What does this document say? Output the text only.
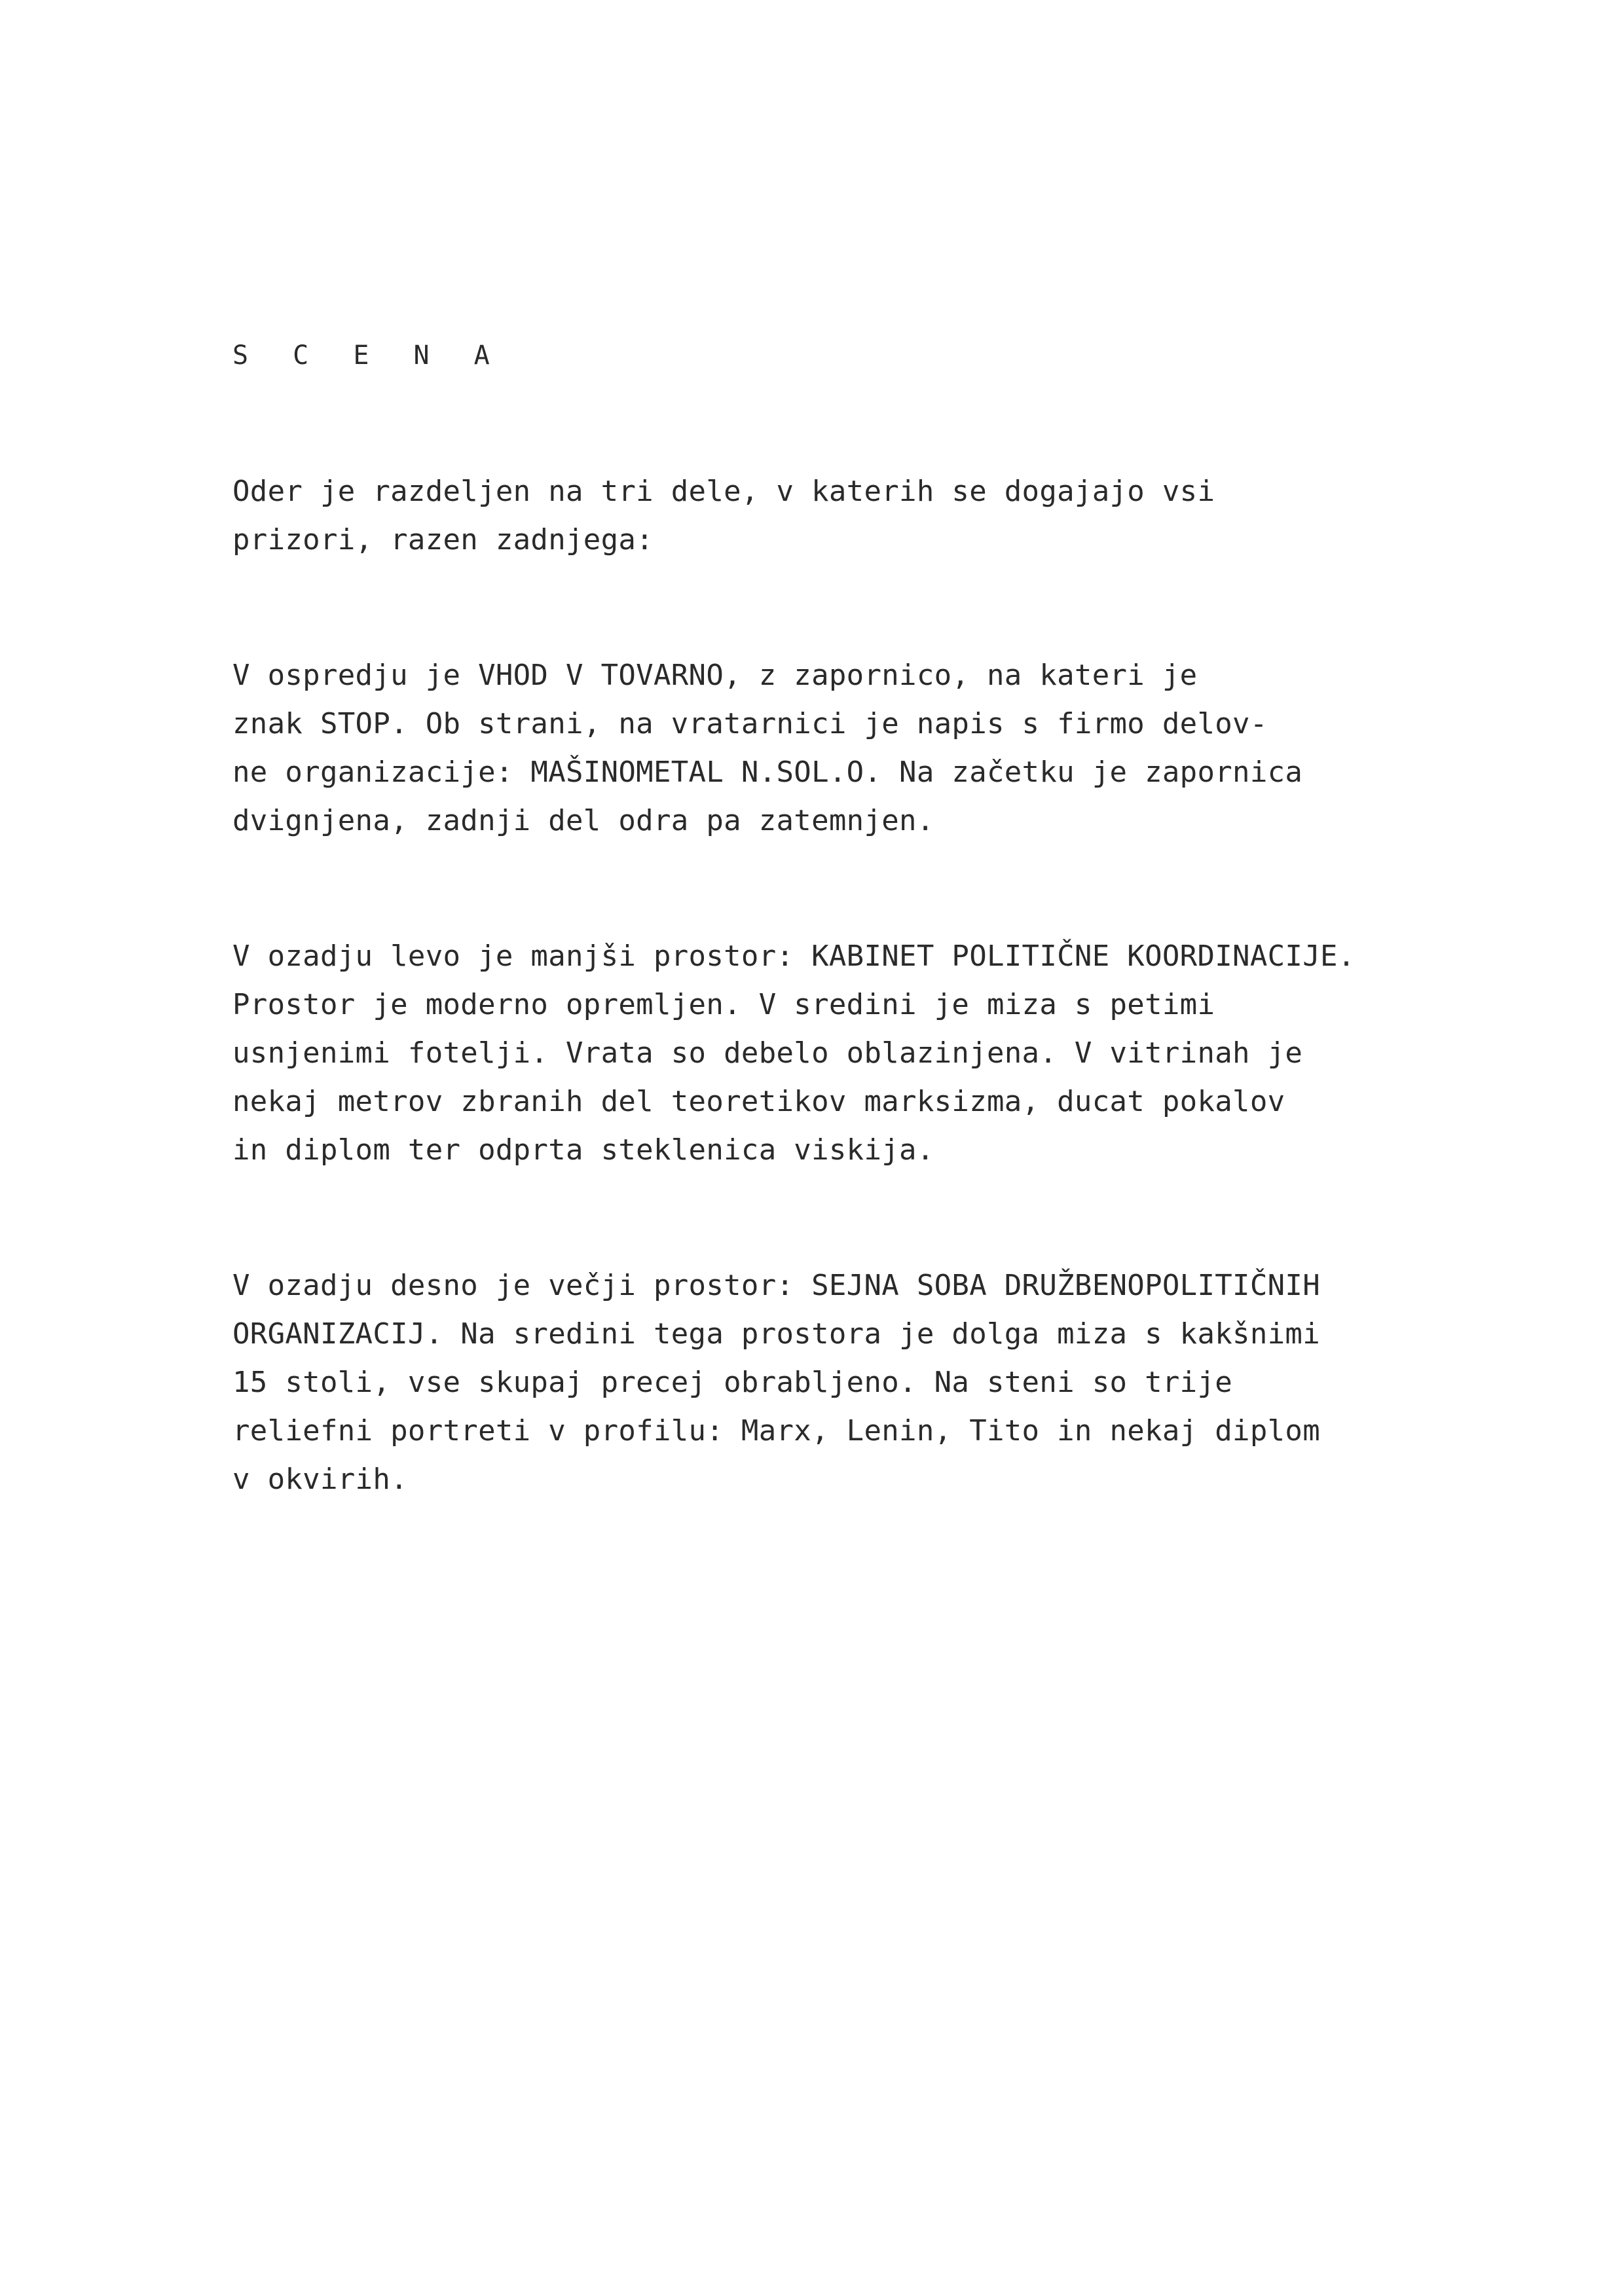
S C E N A
Oder je razdeljen na tri dele, v katerih se dogajajo vsi
prizori, razen zadnjega:
V ospredju je VHOD V TOVARNO, z zapornico, na kateri je
znak STOP. Ob strani, na vratarnici je napis s firmo delov-
ne organizacije: MAŠINOMETAL N.SOL.O. Na začetku je zapornica
dvignjena, zadnji del odra pa zatemnjen.
V ozadju levo je manjši prostor: KABINET POLITIČNE KOORDINACIJE.
Prostor je moderno opremljen. V sredini je miza s petimi
usnjenimi fotelji. Vrata so debelo oblazinjena. V vitrinah je
nekaj metrov zbranih del teoretikov marksizma, ducat pokalov
in diplom ter odprta steklenica viskija.
V ozadju desno je večji prostor: SEJNA SOBA DRUŽBENOPOLITIČNIH
ORGANIZACIJ. Na sredini tega prostora je dolga miza s kakšnimi
15 stoli, vse skupaj precej obrabljeno. Na steni so trije
reliefni portreti v profilu: Marx, Lenin, Tito in nekaj diplom
v okvirih.
